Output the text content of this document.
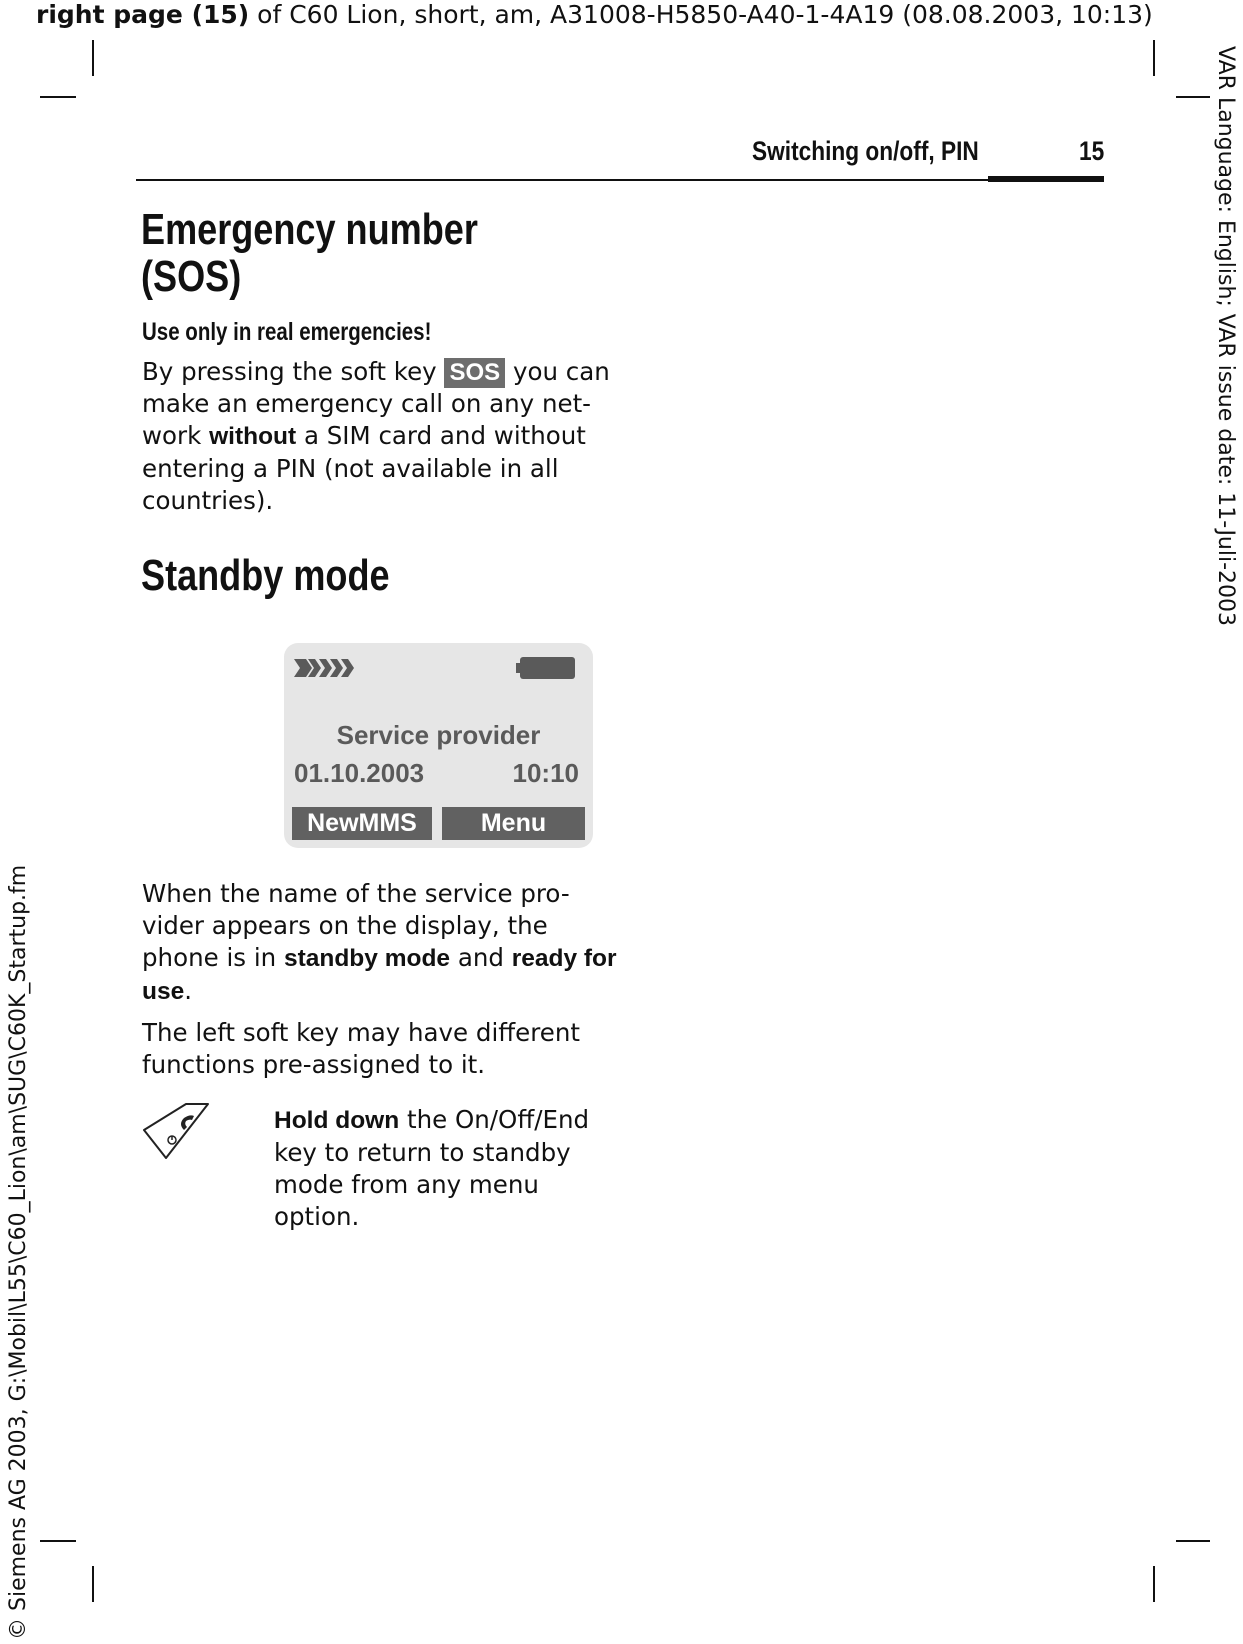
right page (15) of C60 Lion, short, am, A31008-H5850-A40-1-4A19 (08.08.2003, 10:13)
VAR Language: English; VAR issue date: 11-Juli-2003
© Siemens AG 2003, G:\Mobil\L55\C60_Lion\am\SUG\C60K_Startup.fm
Switching on/off, PIN	15
Emergency number
(SOS)
Use only in real emergencies!
By pressing the soft key SOS you can
make an emergency call on any net-
work without a SIM card and without
entering a PIN (not available in all
countries).
Standby mode
Service provider
01.10.2003	10:10
NewMMS	Menu
When the name of the service pro-
vider appears on the display, the
phone is in standby mode and ready for
use.
The left soft key may have different
functions pre-assigned to it.
Hold down the On/Off/End
key to return to standby
mode from any menu
option.
